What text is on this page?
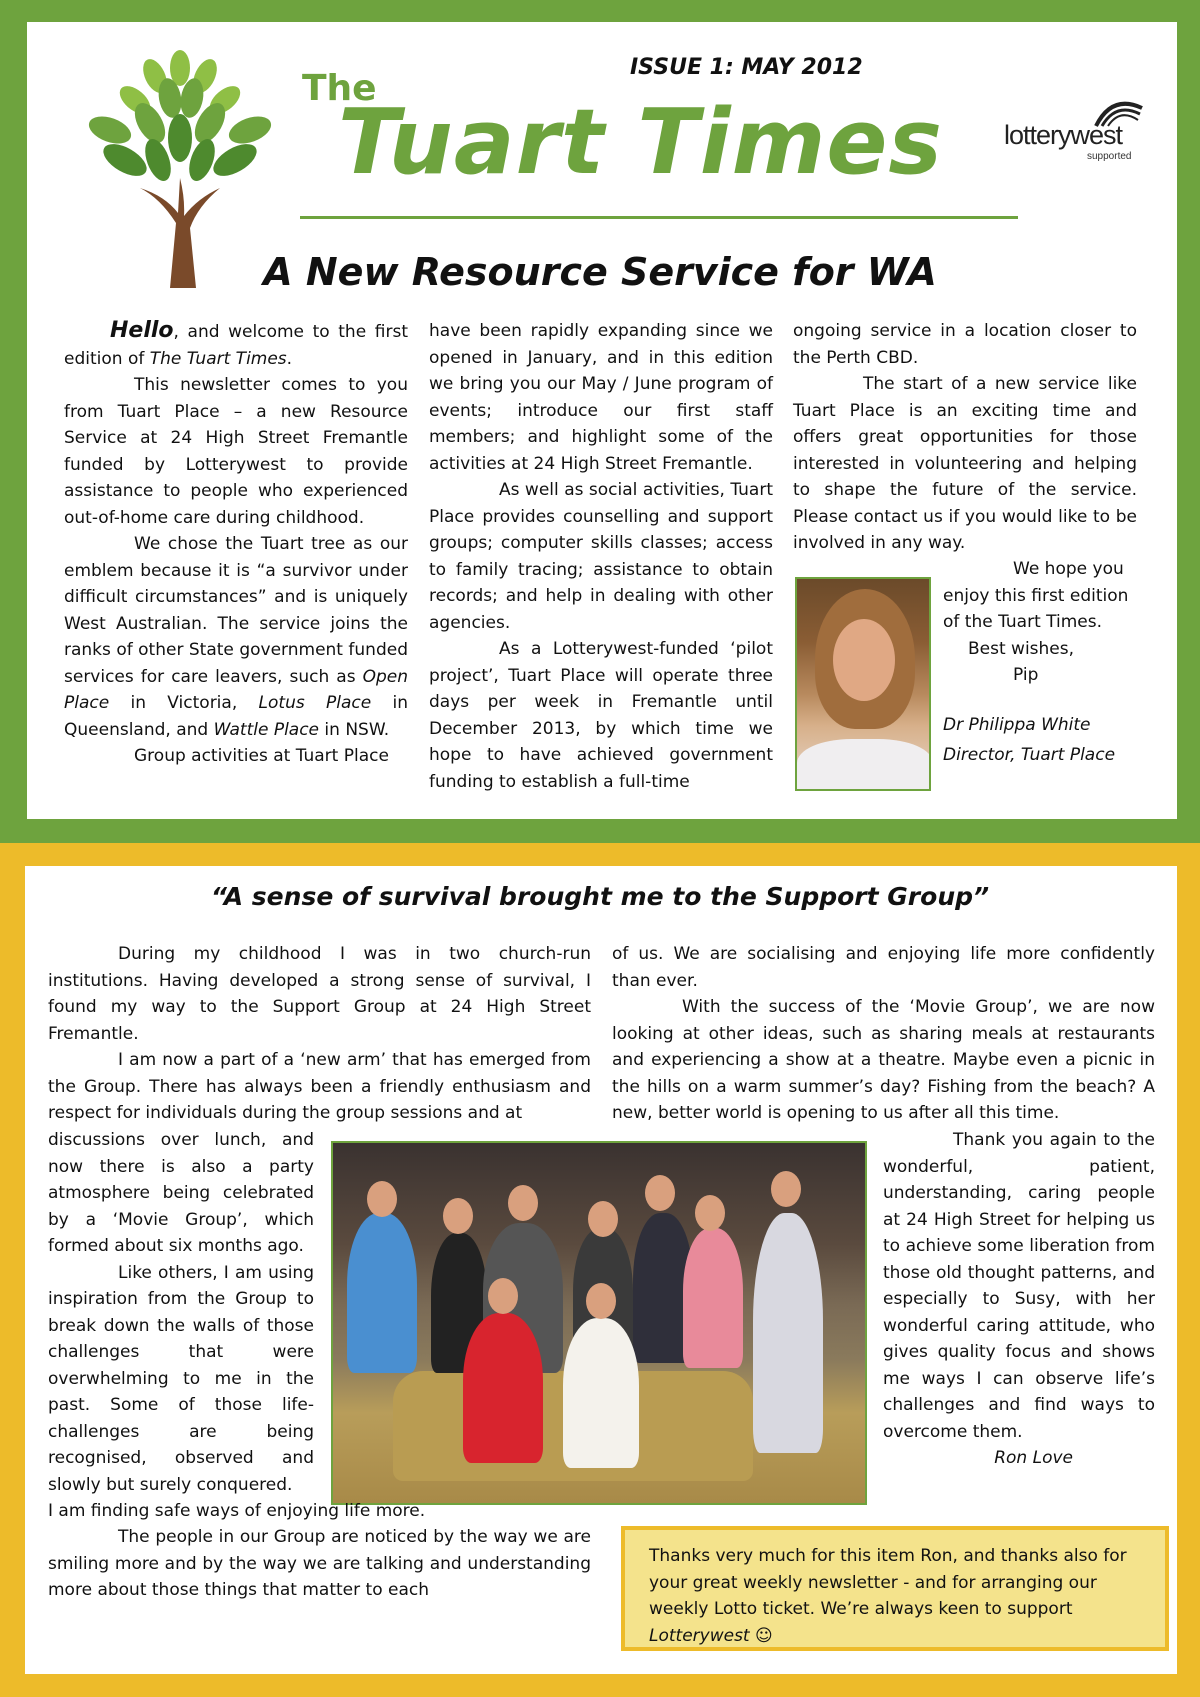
ISSUE 1: MAY 2012
The
Tuart Times lotterywest
supported
A New Resource Service for WA

Hello, and welcome to the first edition of The Tuart Times.

This newsletter comes to you from Tuart Place – a new Resource Service at 24 High Street Fremantle funded by Lotterywest to provide assistance to people who experienced out-of-home care during childhood.

We chose the Tuart tree as our emblem because it is “a survivor under difficult circumstances” and is uniquely West Australian. The service joins the ranks of other State government funded services for care leavers, such as Open Place in Victoria, Lotus Place in Queensland, and Wattle Place in NSW.

Group activities at Tuart Place

have been rapidly expanding since we opened in January, and in this edition we bring you our May / June program of events; introduce our first staff members; and highlight some of the activities at 24 High Street Fremantle.

As well as social activities, Tuart Place provides counselling and support groups; computer skills classes; access to family tracing; assistance to obtain records; and help in dealing with other agencies.

As a Lotterywest-funded ‘pilot project’, Tuart Place will operate three days per week in Fremantle until December 2013, by which time we hope to have achieved government funding to establish a full-time

ongoing service in a location closer to the Perth CBD.

The start of a new service like Tuart Place is an exciting time and offers great opportunities for those interested in volunteering and helping to shape the future of the service. Please contact us if you would like to be involved in any way.

We hope you enjoy this first edition of the Tuart Times.
Best wishes,
Pip
Dr Philippa White
Director, Tuart Place
“A sense of survival brought me to the Support Group”

During my childhood I was in two church-run institutions. Having developed a strong sense of survival, I found my way to the Support Group at 24 High Street Fremantle.

I am now a part of a ‘new arm’ that has emerged from the Group. There has always been a friendly enthusiasm and respect for individuals during the group sessions and at

of us. We are socialising and enjoying life more confidently than ever.

With the success of the ‘Movie Group’, we are now looking at other ideas, such as sharing meals at restaurants and experiencing a show at a theatre. Maybe even a picnic in the hills on a warm summer’s day? Fishing from the beach? A new, better world is opening to us after all this time.

discussions over lunch, and now there is also a party atmosphere being celebrated by a ‘Movie Group’, which formed about six months ago.

Like others, I am using inspiration from the Group to break down the walls of those challenges that were overwhelming to me in the past. Some of those life-challenges are being recognised, observed and slowly but surely conquered.

Thank you again to the wonderful, patient, understanding, caring people at 24 High Street for helping us to achieve some liberation from those old thought patterns, and especially to Susy, with her wonderful caring attitude, who gives quality focus and shows me ways I can observe life’s challenges and find ways to overcome them.

Ron Love

I am finding safe ways of enjoying life more.

The people in our Group are noticed by the way we are smiling more and by the way we are talking and understanding more about those things that matter to each

Thanks very much for this item Ron, and thanks also for your great weekly newsletter - and for arranging our weekly Lotto ticket. We’re always keen to support Lotterywest ☺
